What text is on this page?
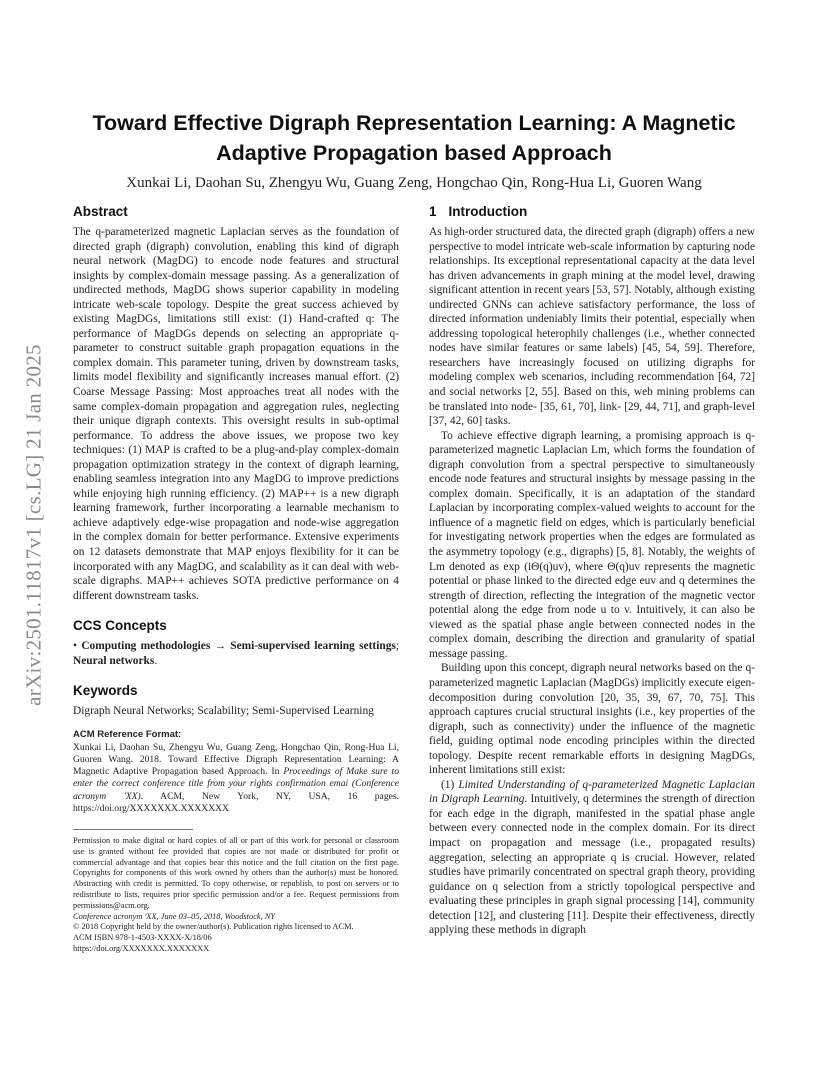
arXiv:2501.11817v1 [cs.LG] 21 Jan 2025
Toward Effective Digraph Representation Learning: A Magnetic Adaptive Propagation based Approach
Xunkai Li, Daohan Su, Zhengyu Wu, Guang Zeng, Hongchao Qin, Rong-Hua Li, Guoren Wang
Abstract

The q-parameterized magnetic Laplacian serves as the foundation of directed graph (digraph) convolution, enabling this kind of digraph neural network (MagDG) to encode node features and structural insights by complex-domain message passing. As a generalization of undirected methods, MagDG shows superior capability in modeling intricate web-scale topology. Despite the great success achieved by existing MagDGs, limitations still exist: (1) Hand-crafted q: The performance of MagDGs depends on selecting an appropriate q-parameter to construct suitable graph propagation equations in the complex domain. This parameter tuning, driven by downstream tasks, limits model flexibility and significantly increases manual effort. (2) Coarse Message Passing: Most approaches treat all nodes with the same complex-domain propagation and aggregation rules, neglecting their unique digraph contexts. This oversight results in sub-optimal performance. To address the above issues, we propose two key techniques: (1) MAP is crafted to be a plug-and-play complex-domain propagation optimization strategy in the context of digraph learning, enabling seamless integration into any MagDG to improve predictions while enjoying high running efficiency. (2) MAP++ is a new digraph learning framework, further incorporating a learnable mechanism to achieve adaptively edge-wise propagation and node-wise aggregation in the complex domain for better performance. Extensive experiments on 12 datasets demonstrate that MAP enjoys flexibility for it can be incorporated with any MagDG, and scalability as it can deal with web-scale digraphs. MAP++ achieves SOTA predictive performance on 4 different downstream tasks.

CCS Concepts

• Computing methodologies → Semi-supervised learning settings; Neural networks.

Keywords

Digraph Neural Networks; Scalability; Semi-Supervised Learning

ACM Reference Format:

Xunkai Li, Daohan Su, Zhengyu Wu, Guang Zeng, Hongchao Qin, Rong-Hua Li, Guoren Wang. 2018. Toward Effective Digraph Representation Learning: A Magnetic Adaptive Propagation based Approach. In Proceedings of Make sure to enter the correct conference title from your rights confirmation emai (Conference acronym 'XX). ACM, New York, NY, USA, 16 pages. https://doi.org/XXXXXXX.XXXXXXX

Permission to make digital or hard copies of all or part of this work for personal or classroom use is granted without fee provided that copies are not made or distributed for profit or commercial advantage and that copies bear this notice and the full citation on the first page. Copyrights for components of this work owned by others than the author(s) must be honored. Abstracting with credit is permitted. To copy otherwise, or republish, to post on servers or to redistribute to lists, requires prior specific permission and/or a fee. Request permissions from permissions@acm.org.

Conference acronym 'XX, June 03–05, 2018, Woodstock, NY

© 2018 Copyright held by the owner/author(s). Publication rights licensed to ACM.

ACM ISBN 978-1-4503-XXXX-X/18/06

https://doi.org/XXXXXXX.XXXXXXX

1 Introduction

As high-order structured data, the directed graph (digraph) offers a new perspective to model intricate web-scale information by capturing node relationships. Its exceptional representational capacity at the data level has driven advancements in graph mining at the model level, drawing significant attention in recent years [53, 57]. Notably, although existing undirected GNNs can achieve satisfactory performance, the loss of directed information undeniably limits their potential, especially when addressing topological heterophily challenges (i.e., whether connected nodes have similar features or same labels) [45, 54, 59]. Therefore, researchers have increasingly focused on utilizing digraphs for modeling complex web scenarios, including recommendation [64, 72] and social networks [2, 55]. Based on this, web mining problems can be translated into node- [35, 61, 70], link- [29, 44, 71], and graph-level [37, 42, 60] tasks.

To achieve effective digraph learning, a promising approach is q-parameterized magnetic Laplacian Lm, which forms the foundation of digraph convolution from a spectral perspective to simultaneously encode node features and structural insights by message passing in the complex domain. Specifically, it is an adaptation of the standard Laplacian by incorporating complex-valued weights to account for the influence of a magnetic field on edges, which is particularly beneficial for investigating network properties when the edges are formulated as the asymmetry topology (e.g., digraphs) [5, 8]. Notably, the weights of Lm denoted as exp (iΘ(q)uv), where Θ(q)uv represents the magnetic potential or phase linked to the directed edge euv and q determines the strength of direction, reflecting the integration of the magnetic vector potential along the edge from node u to v. Intuitively, it can also be viewed as the spatial phase angle between connected nodes in the complex domain, describing the direction and granularity of spatial message passing.

Building upon this concept, digraph neural networks based on the q-parameterized magnetic Laplacian (MagDGs) implicitly execute eigen-decomposition during convolution [20, 35, 39, 67, 70, 75]. This approach captures crucial structural insights (i.e., key properties of the digraph, such as connectivity) under the influence of the magnetic field, guiding optimal node encoding principles within the directed topology. Despite recent remarkable efforts in designing MagDGs, inherent limitations still exist:

(1) Limited Understanding of q-parameterized Magnetic Laplacian in Digraph Learning. Intuitively, q determines the strength of direction for each edge in the digraph, manifested in the spatial phase angle between every connected node in the complex domain. For its direct impact on propagation and message (i.e., propagated results) aggregation, selecting an appropriate q is crucial. However, related studies have primarily concentrated on spectral graph theory, providing guidance on q selection from a strictly topological perspective and evaluating these principles in graph signal processing [14], community detection [12], and clustering [11]. Despite their effectiveness, directly applying these methods in digraph
